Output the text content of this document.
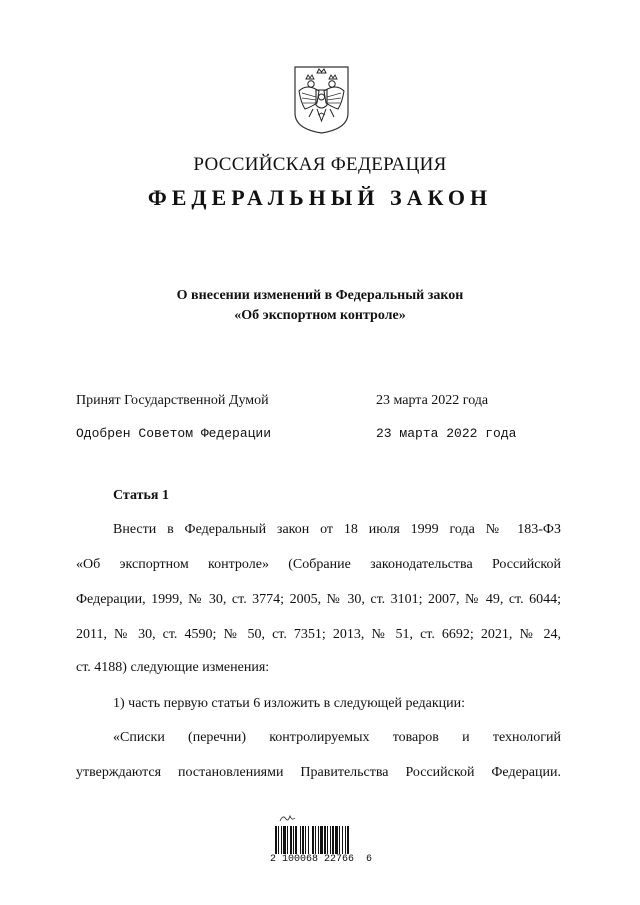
РОССИЙСКАЯ ФЕДЕРАЦИЯ
ФЕДЕРАЛЬНЫЙ ЗАКОН
О внесении изменений в Федеральный закон
«Об экспортном контроле»
Принят Государственной Думой	23 марта 2022 года
Одобрен Советом Федерации	23 марта 2022 года
Статья 1
Внести в Федеральный закон от 18 июля 1999 года № 183-ФЗ
«Об экспортном контроле» (Собрание законодательства Российской
Федерации, 1999, № 30, ст. 3774; 2005, № 30, ст. 3101; 2007, № 49, ст. 6044;
2011, № 30, ст. 4590; № 50, ст. 7351; 2013, № 51, ст. 6692; 2021, № 24,
ст. 4188) следующие изменения:
1) часть первую статьи 6 изложить в следующей редакции:
«Списки (перечни) контролируемых товаров и технологий
утверждаются постановлениями Правительства Российской Федерации.
2 100068 22766  6
